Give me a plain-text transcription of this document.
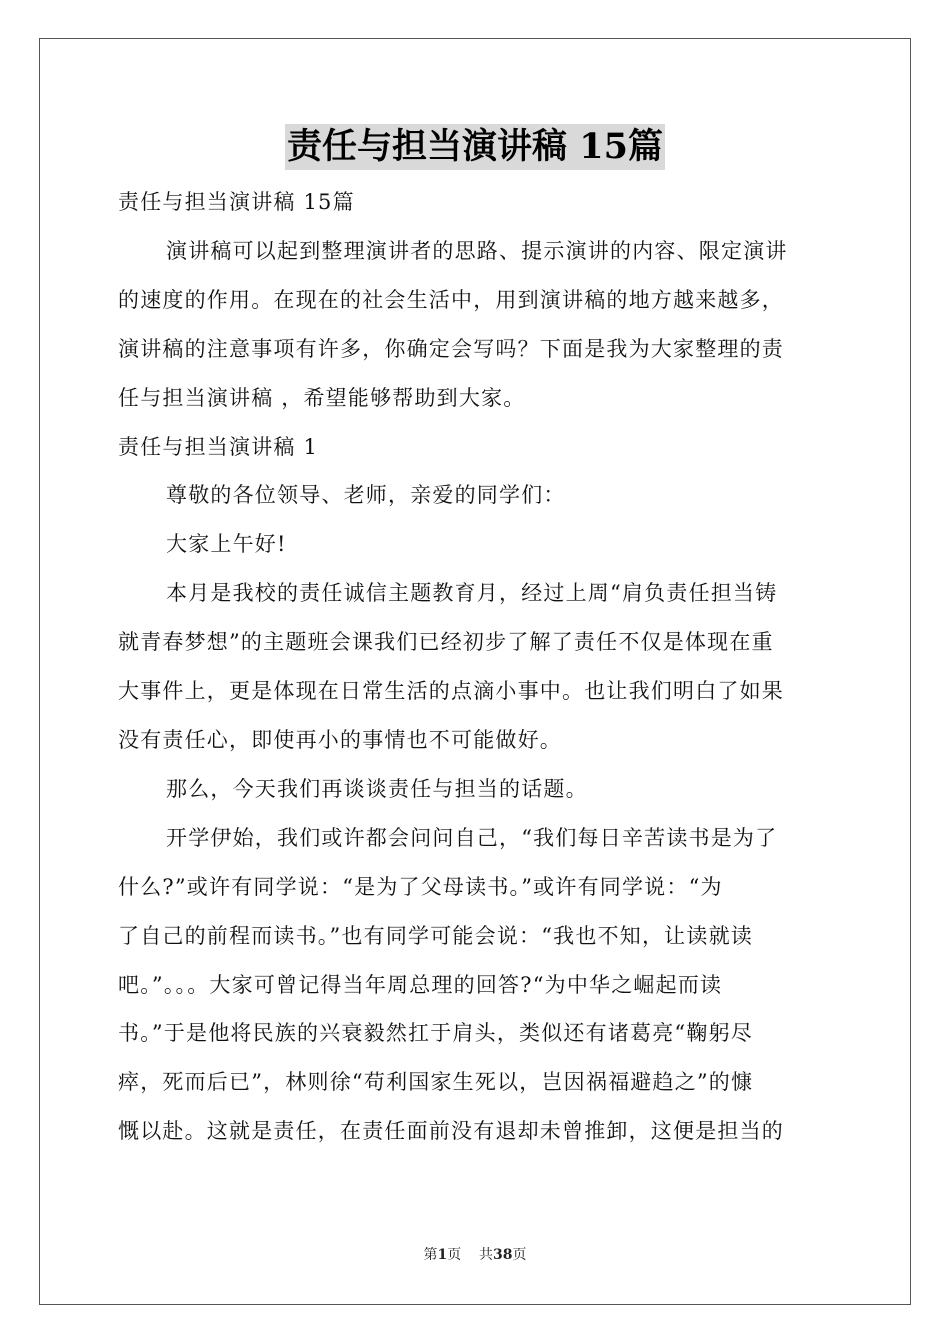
责任与担当演讲稿 15篇
责任与担当演讲稿 15篇
演讲稿可以起到整理演讲者的思路、提示演讲的内容、限定演讲
的速度的作用。在现在的社会生活中，用到演讲稿的地方越来越多，
演讲稿的注意事项有许多，你确定会写吗？下面是我为大家整理的责
任与担当演讲稿 ，希望能够帮助到大家。
责任与担当演讲稿 1
尊敬的各位领导、老师，亲爱的同学们：
大家上午好!
本月是我校的责任诚信主题教育月，经过上周“肩负责任担当铸
就青春梦想”的主题班会课我们已经初步了解了责任不仅是体现在重
大事件上，更是体现在日常生活的点滴小事中。也让我们明白了如果
没有责任心，即使再小的事情也不可能做好。
那么，今天我们再谈谈责任与担当的话题。
开学伊始，我们或许都会问问自己，“我们每日辛苦读书是为了
什么?”或许有同学说：“是为了父母读书。”或许有同学说：“为
了自己的前程而读书。”也有同学可能会说：“我也不知，让读就读
吧。”。。。大家可曾记得当年周总理的回答?“为中华之崛起而读
书。”于是他将民族的兴衰毅然扛于肩头，类似还有诸葛亮“鞠躬尽
瘁，死而后已”，林则徐“苟利国家生死以，岂因祸福避趋之”的慷
慨以赴。这就是责任，在责任面前没有退却未曾推卸，这便是担当的
第1页 共38页
